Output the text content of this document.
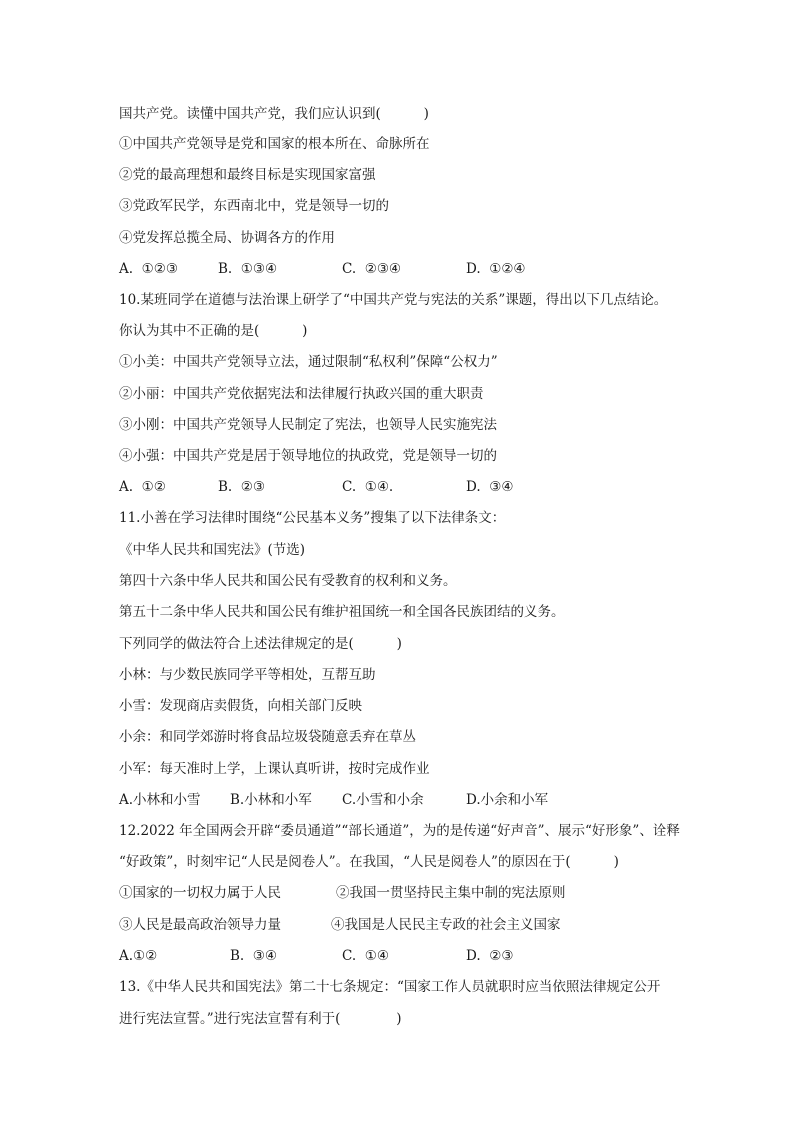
国共产党。读懂中国共产党，我们应认识到(          )
①中国共产党领导是党和国家的根本所在、命脉所在
②党的最高理想和最终目标是实现国家富强
③党政军民学，东西南北中，党是领导一切的
④党发挥总揽全局、协调各方的作用
A.  ①②③	B.  ①③④	C.  ②③④	D.  ①②④
10.某班同学在道德与法治课上研学了“中国共产党与宪法的关系”课题，得出以下几点结论。
你认为其中不正确的是(          )
①小美：中国共产党领导立法，通过限制“私权利”保障“公权力”
②小丽：中国共产党依据宪法和法律履行执政兴国的重大职责
③小刚：中国共产党领导人民制定了宪法，也领导人民实施宪法
④小强：中国共产党是居于领导地位的执政党，党是领导一切的
A.  ①②	B.  ②③	C.  ①④.	D.  ③④
11.小善在学习法律时围绕“公民基本义务”搜集了以下法律条文：
《中华人民共和国宪法》(节选)
第四十六条中华人民共和国公民有受教育的权利和义务。
第五十二条中华人民共和国公民有维护祖国统一和全国各民族团结的义务。
下列同学的做法符合上述法律规定的是(          )
小林：与少数民族同学平等相处，互帮互助
小雪：发现商店卖假货，向相关部门反映
小余：和同学郊游时将食品垃圾袋随意丢弃在草丛
小军：每天准时上学，上课认真听讲，按时完成作业
A.小林和小雪 B.小林和小军 C.小雪和小余	D.小余和小军
12.2022 年全国两会开辟“委员通道”“部长通道”，为的是传递“好声音”、展示“好形象”、诠释
“好政策”，时刻牢记“人民是阅卷人”。在我国，“人民是阅卷人”的原因在于(          )
①国家的一切权力属于人民	②我国一贯坚持民主集中制的宪法原则
③人民是最高政治领导力量	④我国是人民民主专政的社会主义国家
A.①②	B.  ③④	C.  ①④	D.  ②③
13.《中华人民共和国宪法》第二十七条规定：“国家工作人员就职时应当依照法律规定公开
进行宪法宣誓。”进行宪法宣誓有利于(             )
